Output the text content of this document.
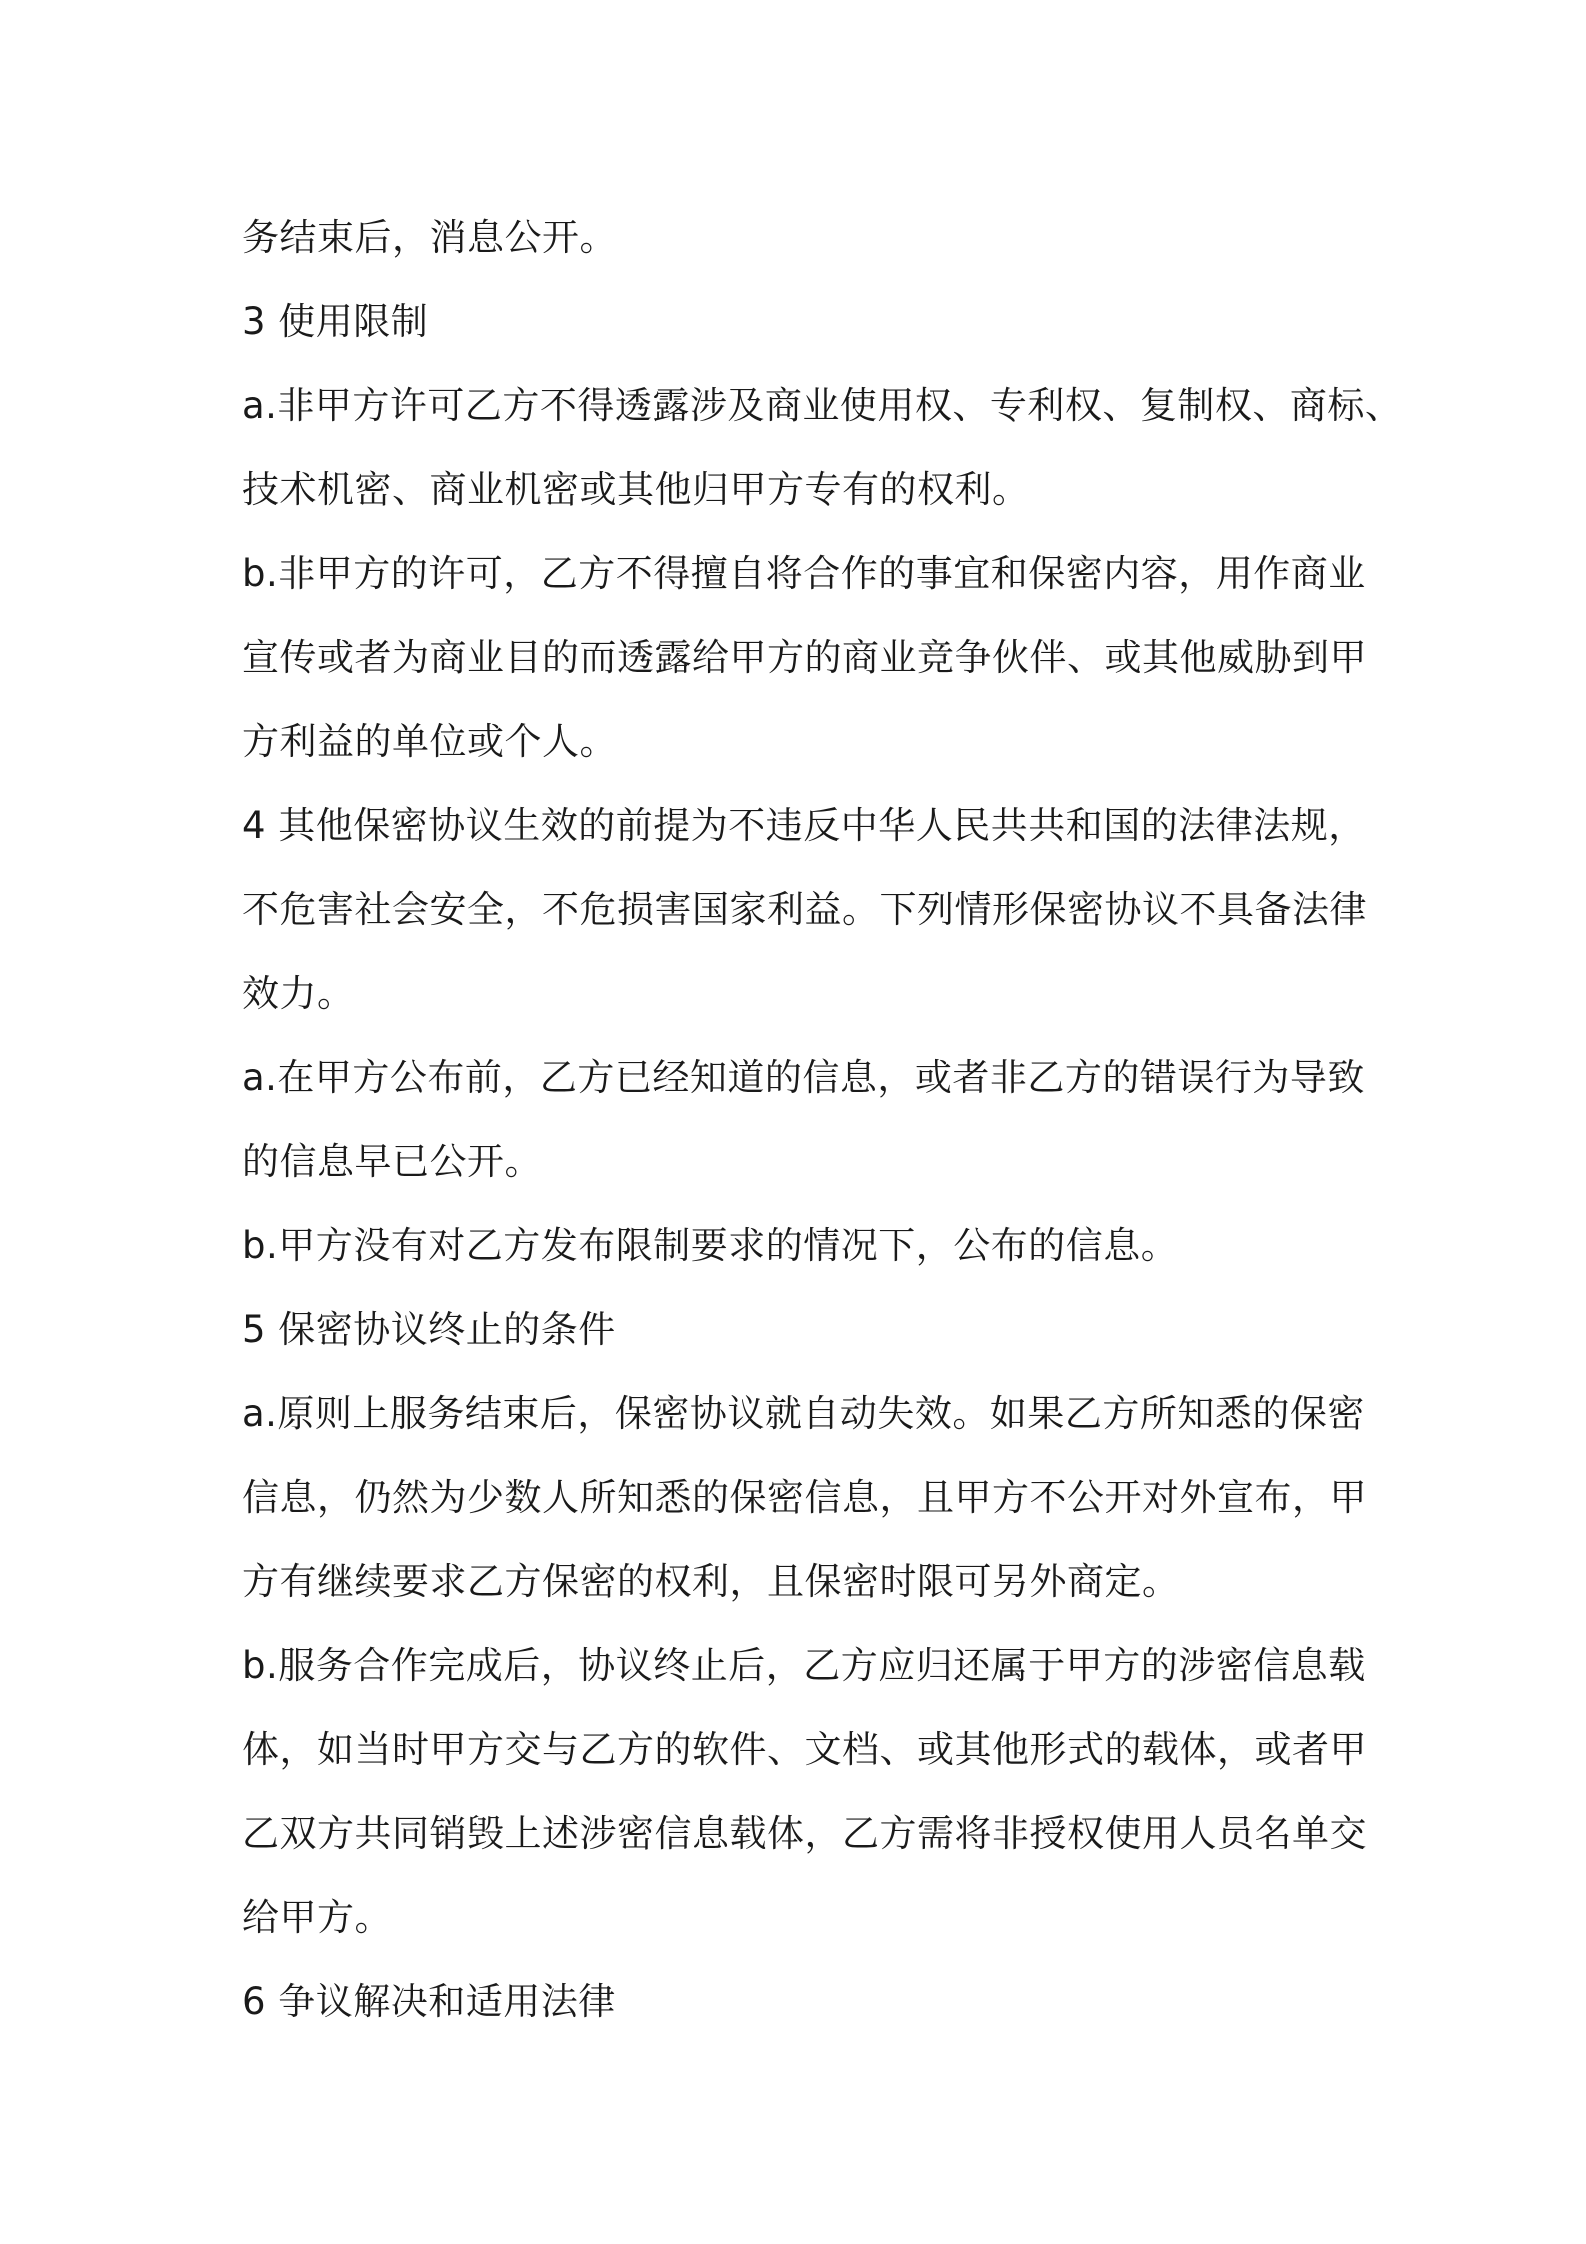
务结束后，消息公开。
3 使用限制
a.非甲方许可乙方不得透露涉及商业使用权、专利权、复制权、商标、
技术机密、商业机密或其他归甲方专有的权利。
b.非甲方的许可，乙方不得擅自将合作的事宜和保密内容，用作商业
宣传或者为商业目的而透露给甲方的商业竞争伙伴、或其他威胁到甲
方利益的单位或个人。
4 其他保密协议生效的前提为不违反中华人民共共和国的法律法规，
不危害社会安全，不危损害国家利益。下列情形保密协议不具备法律
效力。
a.在甲方公布前，乙方已经知道的信息，或者非乙方的错误行为导致
的信息早已公开。
b.甲方没有对乙方发布限制要求的情况下，公布的信息。
5 保密协议终止的条件
a.原则上服务结束后，保密协议就自动失效。如果乙方所知悉的保密
信息，仍然为少数人所知悉的保密信息，且甲方不公开对外宣布，甲
方有继续要求乙方保密的权利，且保密时限可另外商定。
b.服务合作完成后，协议终止后，乙方应归还属于甲方的涉密信息载
体，如当时甲方交与乙方的软件、文档、或其他形式的载体，或者甲
乙双方共同销毁上述涉密信息载体，乙方需将非授权使用人员名单交
给甲方。
6 争议解决和适用法律
